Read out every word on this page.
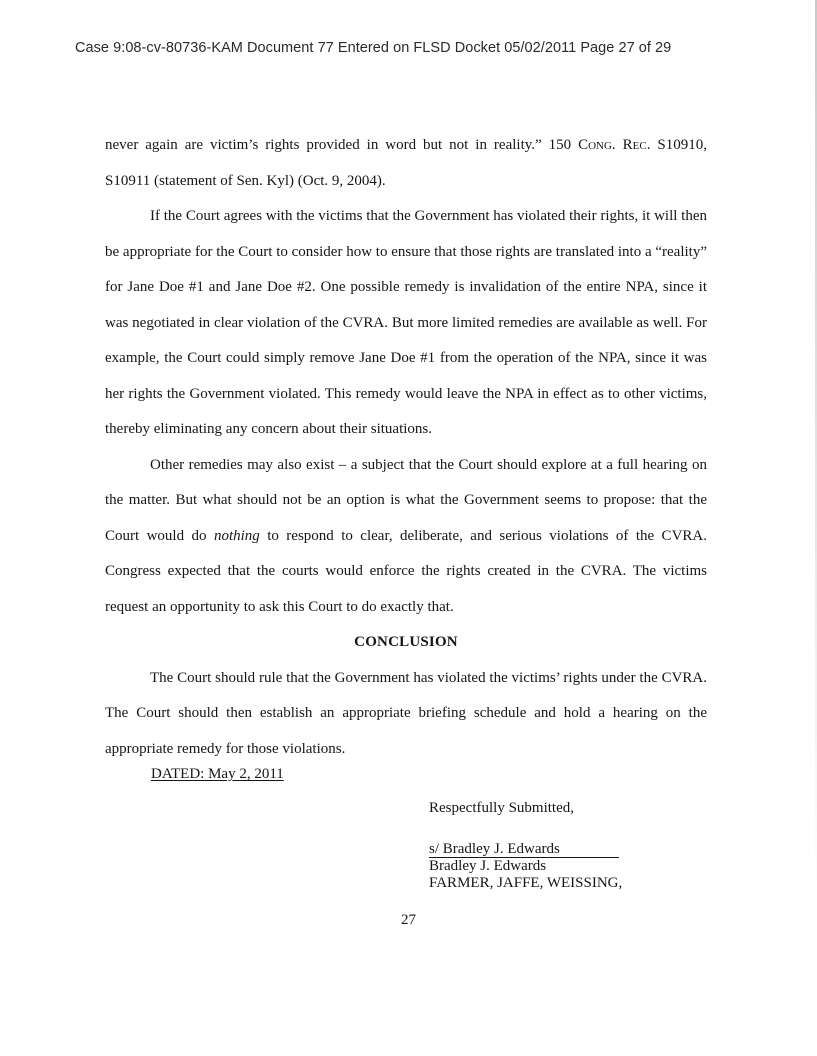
Case 9:08-cv-80736-KAM Document 77 Entered on FLSD Docket 05/02/2011 Page 27 of 29

never again are victim’s rights provided in word but not in reality.” 150 Cong. Rec. S10910, S10911 (statement of Sen. Kyl) (Oct. 9, 2004).

If the Court agrees with the victims that the Government has violated their rights, it will then be appropriate for the Court to consider how to ensure that those rights are translated into a “reality” for Jane Doe #1 and Jane Doe #2. One possible remedy is invalidation of the entire NPA, since it was negotiated in clear violation of the CVRA. But more limited remedies are available as well. For example, the Court could simply remove Jane Doe #1 from the operation of the NPA, since it was her rights the Government violated. This remedy would leave the NPA in effect as to other victims, thereby eliminating any concern about their situations.

Other remedies may also exist – a subject that the Court should explore at a full hearing on the matter. But what should not be an option is what the Government seems to propose: that the Court would do nothing to respond to clear, deliberate, and serious violations of the CVRA. Congress expected that the courts would enforce the rights created in the CVRA. The victims request an opportunity to ask this Court to do exactly that.

CONCLUSION

The Court should rule that the Government has violated the victims’ rights under the CVRA. The Court should then establish an appropriate briefing schedule and hold a hearing on the appropriate remedy for those violations.

DATED: May 2, 2011
Respectfully Submitted,
s/ Bradley J. Edwards
Bradley J. Edwards
FARMER, JAFFE, WEISSING,
27
